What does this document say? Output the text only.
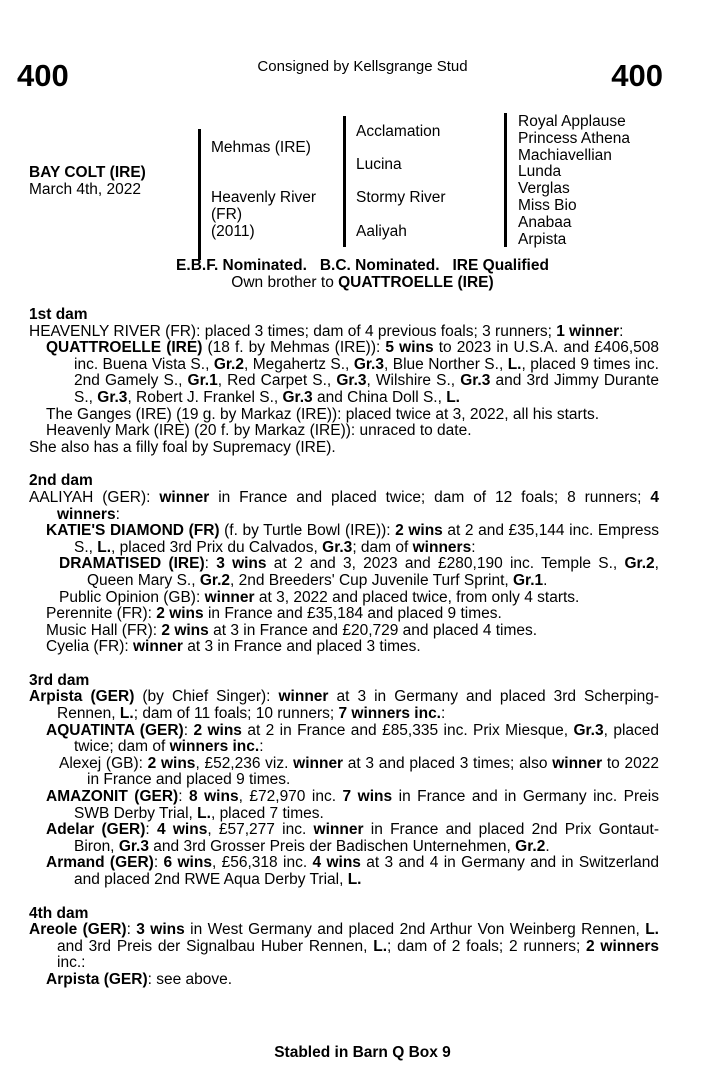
400	400
Consigned by Kellsgrange Stud
BAY COLT (IRE)
March 4th, 2022
Mehmas (IRE)
Heavenly River
(FR)
(2011)
Acclamation
Lucina
Stormy River
Aaliyah
Royal Applause
Princess Athena
Machiavellian
Lunda
Verglas
Miss Bio
Anabaa
Arpista
E.B.F. Nominated.   B.C. Nominated.   IRE Qualified
Own brother to QUATTROELLE (IRE)
1st dam
HEAVENLY RIVER (FR): placed 3 times; dam of 4 previous foals; 3 runners; 1 winner:
QUATTROELLE (IRE) (18 f. by Mehmas (IRE)): 5 wins to 2023 in U.S.A. and £406,508 inc. Buena Vista S., Gr.2, Megahertz S., Gr.3, Blue Norther S., L., placed 9 times inc. 2nd Gamely S., Gr.1, Red Carpet S., Gr.3, Wilshire S., Gr.3 and 3rd Jimmy Durante S., Gr.3, Robert J. Frankel S., Gr.3 and China Doll S., L.
The Ganges (IRE) (19 g. by Markaz (IRE)): placed twice at 3, 2022, all his starts.
Heavenly Mark (IRE) (20 f. by Markaz (IRE)): unraced to date.
She also has a filly foal by Supremacy (IRE).
2nd dam
AALIYAH (GER): winner in France and placed twice; dam of 12 foals; 8 runners; 4 winners:
KATIE'S DIAMOND (FR) (f. by Turtle Bowl (IRE)): 2 wins at 2 and £35,144 inc. Empress S., L., placed 3rd Prix du Calvados, Gr.3; dam of winners:
DRAMATISED (IRE): 3 wins at 2 and 3, 2023 and £280,190 inc. Temple S., Gr.2, Queen Mary S., Gr.2, 2nd Breeders' Cup Juvenile Turf Sprint, Gr.1.
Public Opinion (GB): winner at 3, 2022 and placed twice, from only 4 starts.
Perennite (FR): 2 wins in France and £35,184 and placed 9 times.
Music Hall (FR): 2 wins at 3 in France and £20,729 and placed 4 times.
Cyelia (FR): winner at 3 in France and placed 3 times.
3rd dam
Arpista (GER) (by Chief Singer): winner at 3 in Germany and placed 3rd Scherping-Rennen, L.; dam of 11 foals; 10 runners; 7 winners inc.:
AQUATINTA (GER): 2 wins at 2 in France and £85,335 inc. Prix Miesque, Gr.3, placed twice; dam of winners inc.:
Alexej (GB): 2 wins, £52,236 viz. winner at 3 and placed 3 times; also winner to 2022 in France and placed 9 times.
AMAZONIT (GER): 8 wins, £72,970 inc. 7 wins in France and in Germany inc. Preis SWB Derby Trial, L., placed 7 times.
Adelar (GER): 4 wins, £57,277 inc. winner in France and placed 2nd Prix Gontaut-Biron, Gr.3 and 3rd Grosser Preis der Badischen Unternehmen, Gr.2.
Armand (GER): 6 wins, £56,318 inc. 4 wins at 3 and 4 in Germany and in Switzerland and placed 2nd RWE Aqua Derby Trial, L.
4th dam
Areole (GER): 3 wins in West Germany and placed 2nd Arthur Von Weinberg Rennen, L. and 3rd Preis der Signalbau Huber Rennen, L.; dam of 2 foals; 2 runners; 2 winners inc.:
Arpista (GER): see above.
Stabled in Barn Q Box 9
